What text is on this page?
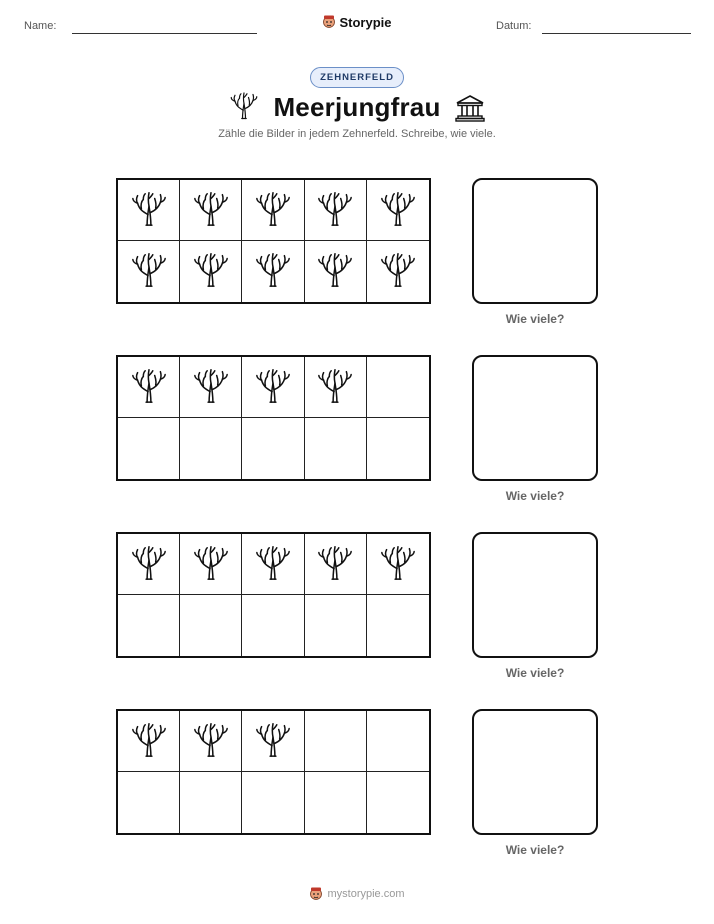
Name:	Storypie	Datum:
ZEHNERFELD
Meerjungfrau
Zähle die Bilder in jedem Zehnerfeld. Schreibe, wie viele.
Wie viele?
Wie viele?
Wie viele?
Wie viele?
mystorypie.com
